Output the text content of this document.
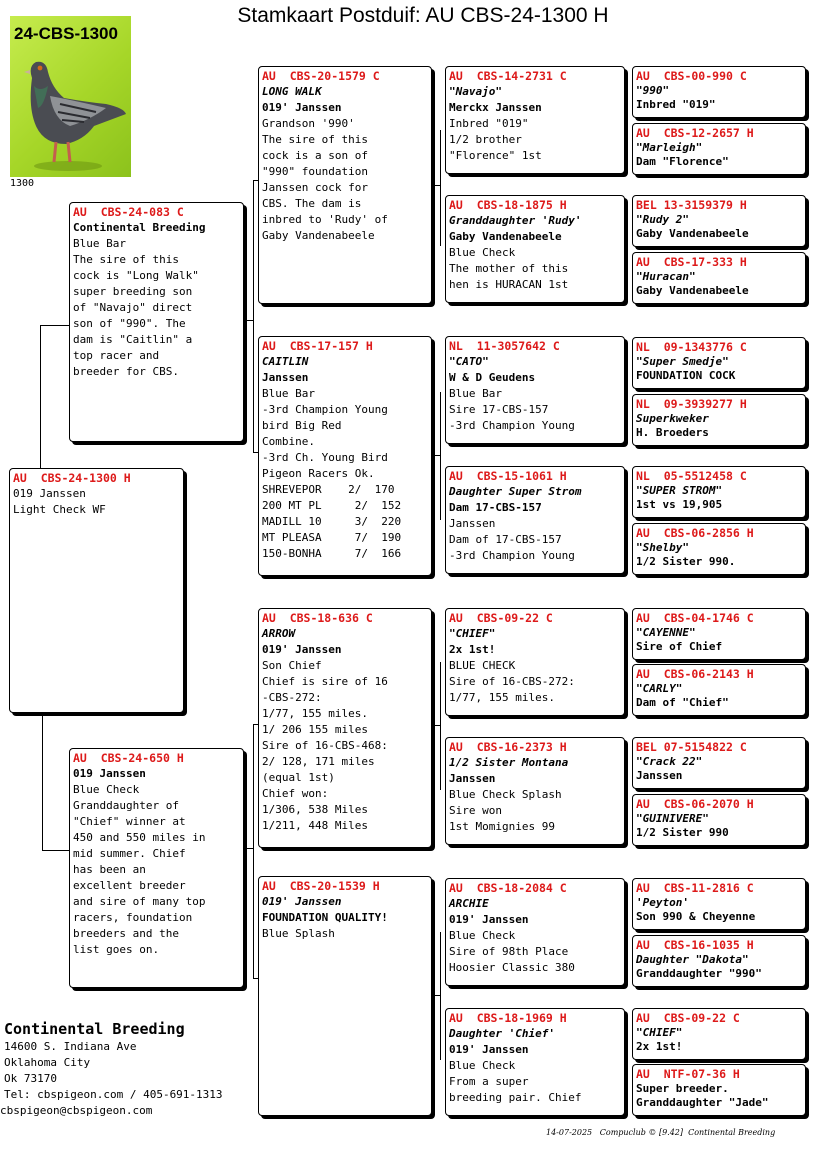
Stamkaart Postduif: AU CBS-24-1300 H
24-CBS-1300
1300
AU  CBS-24-1300 H
019 Janssen
Light Check WF
AU  CBS-24-083 C
Continental Breeding
Blue Bar
The sire of this
cock is "Long Walk"
super breeding son
of "Navajo" direct
son of "990". The
dam is "Caitlin" a
top racer and
breeder for CBS.
AU  CBS-24-650 H
019 Janssen
Blue Check
Granddaughter of
"Chief" winner at
450 and 550 miles in
mid summer. Chief
has been an
excellent breeder
and sire of many top
racers, foundation
breeders and the
list goes on.
AU  CBS-20-1579 C
LONG WALK
019' Janssen
Grandson '990'
The sire of this
cock is a son of
"990" foundation
Janssen cock for
CBS. The dam is
inbred to 'Rudy' of
Gaby Vandenabeele
AU  CBS-17-157 H
CAITLIN
Janssen
Blue Bar
-3rd Champion Young
bird Big Red
Combine.
-3rd Ch. Young Bird
Pigeon Racers Ok.
SHREVEPOR    2/  170
200 MT PL     2/  152
MADILL 10     3/  220
MT PLEASA     7/  190
150-BONHA     7/  166
AU  CBS-18-636 C
ARROW
019' Janssen
Son Chief
Chief is sire of 16
-CBS-272:
1/77, 155 miles.
1/ 206 155 miles
Sire of 16-CBS-468:
2/ 128, 171 miles
(equal 1st)
Chief won:
1/306, 538 Miles
1/211, 448 Miles
AU  CBS-20-1539 H
019' Janssen
FOUNDATION QUALITY!
Blue Splash
AU  CBS-14-2731 C
"Navajo"
Merckx Janssen
Inbred "019"
1/2 brother
"Florence" 1st
AU  CBS-18-1875 H
Granddaughter 'Rudy'
Gaby Vandenabeele
Blue Check
The mother of this
hen is HURACAN 1st
NL  11-3057642 C
"CATO"
W & D Geudens
Blue Bar
Sire 17-CBS-157
-3rd Champion Young
AU  CBS-15-1061 H
Daughter Super Strom
Dam 17-CBS-157
Janssen
Dam of 17-CBS-157
-3rd Champion Young
AU  CBS-09-22 C
"CHIEF"
2x 1st!
BLUE CHECK
Sire of 16-CBS-272:
1/77, 155 miles.
AU  CBS-16-2373 H
1/2 Sister Montana
Janssen
Blue Check Splash
Sire won
1st Momignies 99
AU  CBS-18-2084 C
ARCHIE
019' Janssen
Blue Check
Sire of 98th Place
Hoosier Classic 380
AU  CBS-18-1969 H
Daughter 'Chief'
019' Janssen
Blue Check
From a super
breeding pair. Chief
AU  CBS-00-990 C
"990"
Inbred "019"
AU  CBS-12-2657 H
"Marleigh"
Dam "Florence"
BEL 13-3159379 H
"Rudy 2"
Gaby Vandenabeele
AU  CBS-17-333 H
"Huracan"
Gaby Vandenabeele
NL  09-1343776 C
"Super Smedje"
FOUNDATION COCK
NL  09-3939277 H
Superkweker
H. Broeders
NL  05-5512458 C
"SUPER STROM"
1st vs 19,905
AU  CBS-06-2856 H
"Shelby"
1/2 Sister 990.
AU  CBS-04-1746 C
"CAYENNE"
Sire of Chief
AU  CBS-06-2143 H
"CARLY"
Dam of "Chief"
BEL 07-5154822 C
"Crack 22"
Janssen
AU  CBS-06-2070 H
"GUINIVERE"
1/2 Sister 990
AU  CBS-11-2816 C
'Peyton'
Son 990 & Cheyenne
AU  CBS-16-1035 H
Daughter "Dakota"
Granddaughter "990"
AU  CBS-09-22 C
"CHIEF"
2x 1st!
AU  NTF-07-36 H
Super breeder.
Granddaughter "Jade"
Continental Breeding
14600 S. Indiana Ave
Oklahoma City
Ok 73170
Tel: cbspigeon.com / 405-691-1313
cbspigeon@cbspigeon.com
14-07-2025   Compuclub © [9.42]  Continental Breeding
